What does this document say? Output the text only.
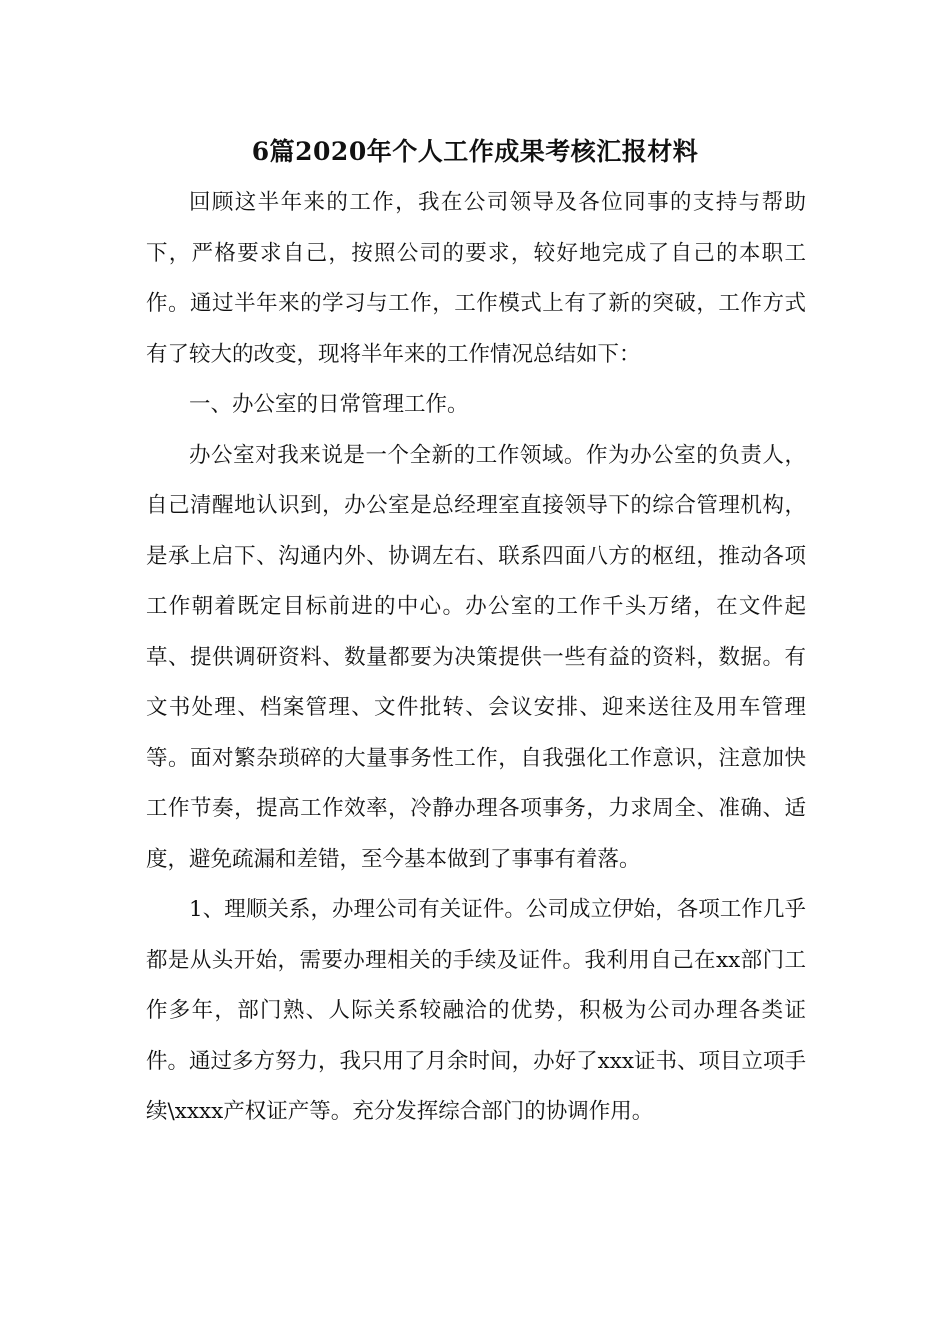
6篇2020年个人工作成果考核汇报材料

回顾这半年来的工作，我在公司领导及各位同事的支持与帮助下，严格要求自己，按照公司的要求，较好地完成了自己的本职工作。通过半年来的学习与工作，工作模式上有了新的突破，工作方式有了较大的改变，现将半年来的工作情况总结如下：

一、办公室的日常管理工作。

办公室对我来说是一个全新的工作领域。作为办公室的负责人，自己清醒地认识到，办公室是总经理室直接领导下的综合管理机构，是承上启下、沟通内外、协调左右、联系四面八方的枢纽，推动各项工作朝着既定目标前进的中心。办公室的工作千头万绪，在文件起草、提供调研资料、数量都要为决策提供一些有益的资料，数据。有文书处理、档案管理、文件批转、会议安排、迎来送往及用车管理等。面对繁杂琐碎的大量事务性工作，自我强化工作意识，注意加快工作节奏，提高工作效率，冷静办理各项事务，力求周全、准确、适度，避免疏漏和差错，至今基本做到了事事有着落。

1、理顺关系，办理公司有关证件。公司成立伊始，各项工作几乎都是从头开始，需要办理相关的手续及证件。我利用自己在xx部门工作多年，部门熟、人际关系较融洽的优势，积极为公司办理各类证件。通过多方努力，我只用了月余时间，办好了xxx证书、项目立项手续\xxxx产权证产等。充分发挥综合部门的协调作用。
